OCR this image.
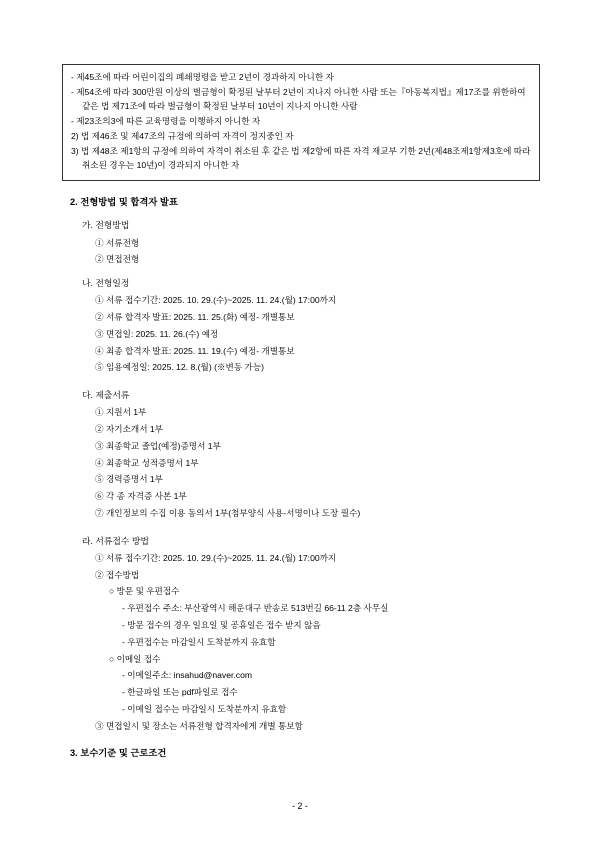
- 제45조에 따라 어린이집의 폐쇄명령을 받고 2년이 경과하지 아니한 자

- 제54조에 따라 300만원 이상의 벌금형이 확정된 날부터 2년이 지나지 아니한 사람 또는『아동복지법』제17조를 위한하여 같은 법 제71조에 따라 벌금형이 확정된 날부터 10년이 지나지 아니한 사람

- 제23조의3에 따른 교육명령을 이행하지 아니한 자

2) 법 제46조 및 제47조의 규정에 의하여 자격이 정지중인 자

3) 법 제48조 제1항의 규정에 의하여 자격이 취소된 후 같은 법 제2항에 따른 자격 재교부 기한 2년(제48조제1항제3호에 따라 취소된 경우는 10년)이 경과되지 아니한 자

2. 전형방법 및 합격자 발표

가. 전형방법

① 서류전형

② 면접전형

나. 전형일정

① 서류 접수기간: 2025. 10. 29.(수)~2025. 11. 24.(월) 17:00까지

② 서류 합격자 발표: 2025. 11. 25.(화) 예정- 개별통보

③ 면접일: 2025. 11. 26.(수) 예정

④ 최종 합격자 발표: 2025. 11. 19.(수) 예정- 개별통보

⑤ 임용예정일: 2025. 12. 8.(월) (※변동 가능)

다. 제출서류

① 지원서 1부

② 자기소개서 1부

③ 최종학교 졸업(예정)증명서 1부

④ 최종학교 성적증명서 1부

⑤ 경력증명서 1부

⑥ 각 종 자격증 사본 1부

⑦ 개인정보의 수집 이용 동의서 1부(첨부양식 사용-서명이나 도장 필수)

라. 서류접수 방법

① 서류 접수기간: 2025. 10. 29.(수)~2025. 11. 24.(월) 17:00까지

② 접수방법

○ 방문 및 우편접수

- 우편접수 주소: 부산광역시 해운대구 반송로 513번길 66-11 2층 사무실

- 방문 접수의 경우 일요일 및 공휴일은 접수 받지 않음

- 우편접수는 마감일시 도착분까지 유효함

○ 이메일 접수

- 이메일주소: insahud@naver.com

- 한글파일 또는 pdf파일로 접수

- 이메일 접수는 마감일시 도착분까지 유효함

③ 면접일시 및 장소는 서류전형 합격자에게 개별 통보함

3. 보수기준 및 근로조건
- 2 -
